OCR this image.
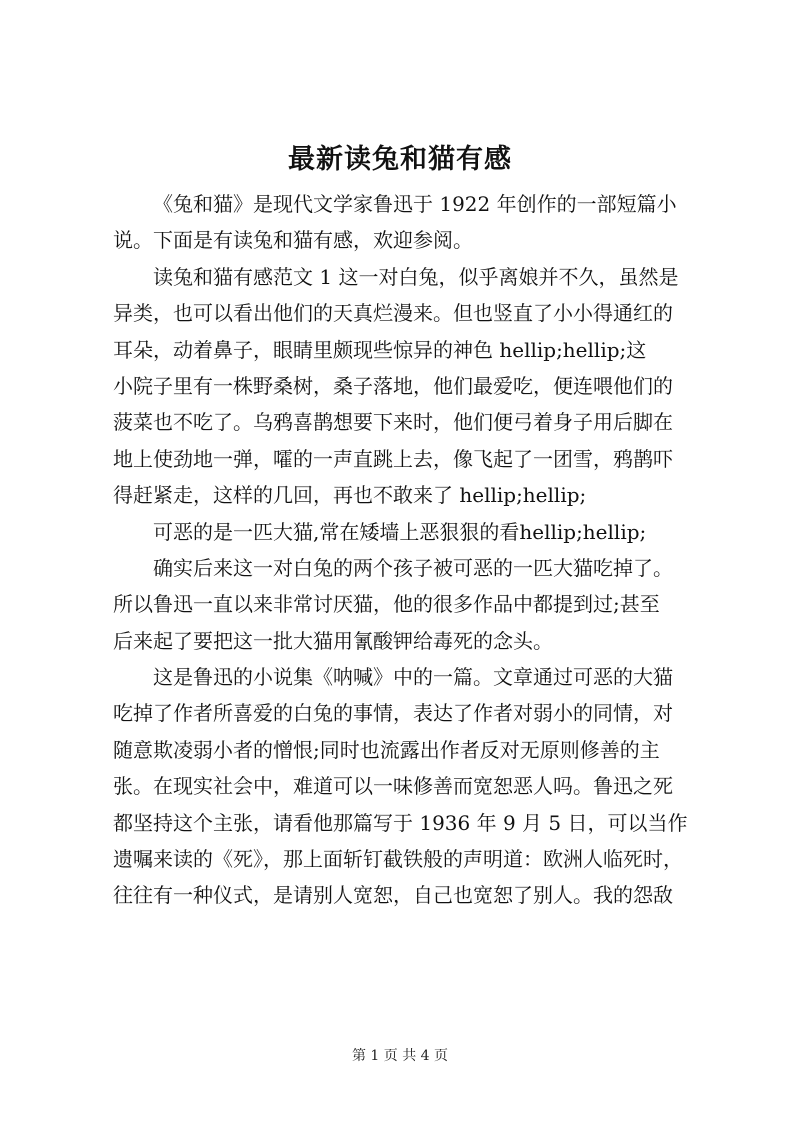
最新读兔和猫有感
《兔和猫》是现代文学家鲁迅于 1922 年创作的一部短篇小
说。下面是有读兔和猫有感，欢迎参阅。
读兔和猫有感范文 1 这一对白兔，似乎离娘并不久，虽然是
异类，也可以看出他们的天真烂漫来。但也竖直了小小得通红的
耳朵，动着鼻子，眼睛里颇现些惊异的神色 hellip;hellip;这
小院子里有一株野桑树，桑子落地，他们最爱吃，便连喂他们的
菠菜也不吃了。乌鸦喜鹊想要下来时，他们便弓着身子用后脚在
地上使劲地一弹，嚯的一声直跳上去，像飞起了一团雪，鸦鹊吓
得赶紧走，这样的几回，再也不敢来了 hellip;hellip;
可恶的是一匹大猫,常在矮墙上恶狠狠的看hellip;hellip;
确实后来这一对白兔的两个孩子被可恶的一匹大猫吃掉了。
所以鲁迅一直以来非常讨厌猫，他的很多作品中都提到过;甚至
后来起了要把这一批大猫用氰酸钾给毒死的念头。
这是鲁迅的小说集《呐喊》中的一篇。文章通过可恶的大猫
吃掉了作者所喜爱的白兔的事情，表达了作者对弱小的同情，对
随意欺凌弱小者的憎恨;同时也流露出作者反对无原则修善的主
张。在现实社会中，难道可以一味修善而宽恕恶人吗。鲁迅之死
都坚持这个主张，请看他那篇写于 1936 年 9 月 5 日，可以当作
遗嘱来读的《死》，那上面斩钉截铁般的声明道：欧洲人临死时，
往往有一种仪式，是请别人宽恕，自己也宽恕了别人。我的怨敌
第 1 页 共 4 页
